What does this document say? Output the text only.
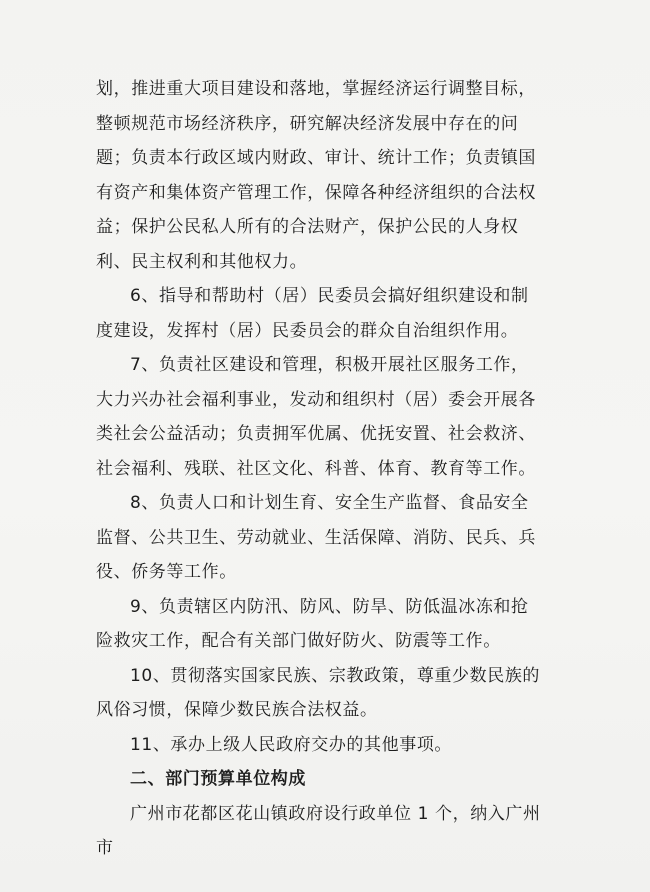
划，推进重大项目建设和落地，掌握经济运行调整目标，整顿规范市场经济秩序，研究解决经济发展中存在的问题；负责本行政区域内财政、审计、统计工作；负责镇国有资产和集体资产管理工作，保障各种经济组织的合法权益；保护公民私人所有的合法财产，保护公民的人身权利、民主权利和其他权力。

6、指导和帮助村（居）民委员会搞好组织建设和制度建设，发挥村（居）民委员会的群众自治组织作用。

7、负责社区建设和管理，积极开展社区服务工作，大力兴办社会福利事业，发动和组织村（居）委会开展各类社会公益活动；负责拥军优属、优抚安置、社会救济、社会福利、残联、社区文化、科普、体育、教育等工作。

8、负责人口和计划生育、安全生产监督、食品安全监督、公共卫生、劳动就业、生活保障、消防、民兵、兵役、侨务等工作。

9、负责辖区内防汛、防风、防旱、防低温冰冻和抢险救灾工作，配合有关部门做好防火、防震等工作。

10、贯彻落实国家民族、宗教政策，尊重少数民族的风俗习惯，保障少数民族合法权益。

11、承办上级人民政府交办的其他事项。

二、部门预算单位构成

广州市花都区花山镇政府设行政单位 1 个，纳入广州市
